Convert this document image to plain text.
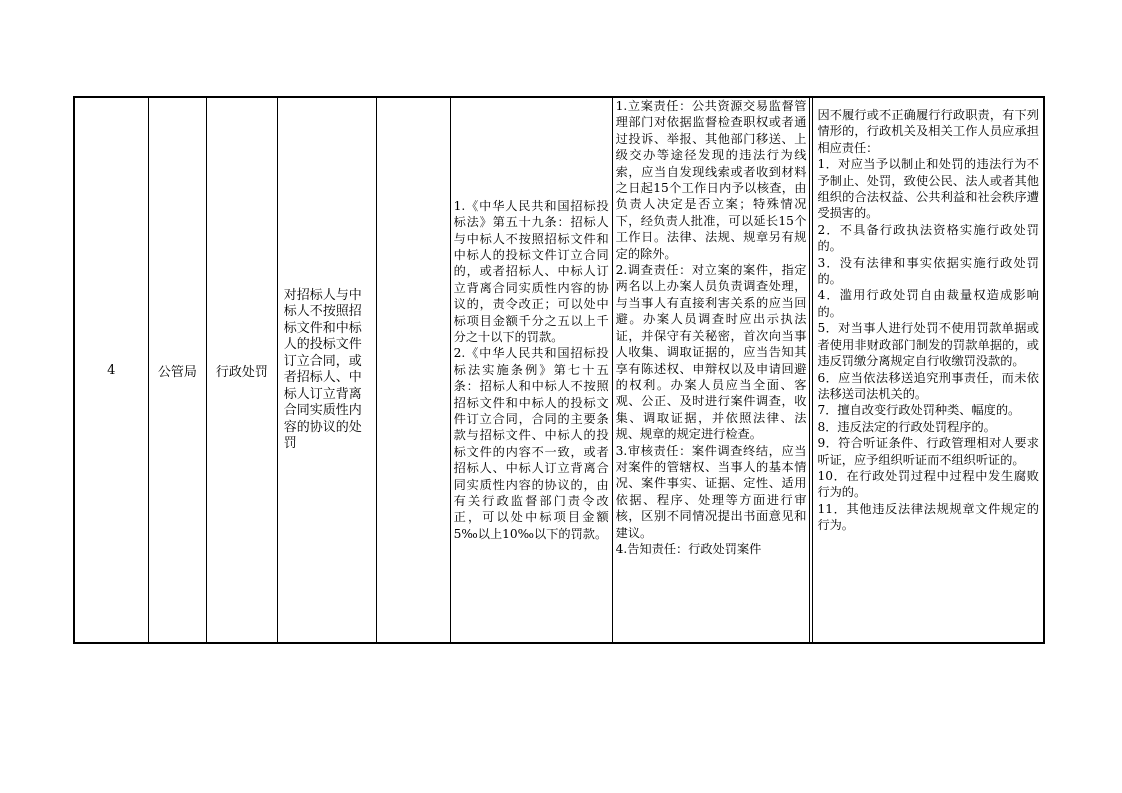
4	公管局 行政处罚
对招标人与中标人不按照招标文件和中标人的投标文件订立合同，或者招标人、中标人订立背离合同实质性内容的协议的处罚
1.《中华人民共和国招标投标法》第五十九条：招标人与中标人不按照招标文件和中标人的投标文件订立合同的，或者招标人、中标人订立背离合同实质性内容的协议的，责令改正；可以处中标项目金额千分之五以上千分之十以下的罚款。
2.《中华人民共和国招标投标法实施条例》第七十五条：招标人和中标人不按照招标文件和中标人的投标文件订立合同，合同的主要条款与招标文件、中标人的投标文件的内容不一致，或者招标人、中标人订立背离合同实质性内容的协议的，由有关行政监督部门责令改正，可以处中标项目金额5‰以上10‰以下的罚款。
1.立案责任：公共资源交易监督管理部门对依据监督检查职权或者通过投诉、举报、其他部门移送、上级交办等途径发现的违法行为线索，应当自发现线索或者收到材料之日起15个工作日内予以核查，由负责人决定是否立案；特殊情况下，经负责人批准，可以延长15个工作日。法律、法规、规章另有规定的除外。
2.调查责任：对立案的案件，指定两名以上办案人员负责调查处理，与当事人有直接利害关系的应当回避。办案人员调查时应出示执法证，并保守有关秘密，首次向当事人收集、调取证据的，应当告知其享有陈述权、申辩权以及申请回避的权利。办案人员应当全面、客观、公正、及时进行案件调查，收集、调取证据，并依照法律、法规、规章的规定进行检查。
3.审核责任：案件调查终结，应当对案件的管辖权、当事人的基本情况、案件事实、证据、定性、适用依据、程序、处理等方面进行审核，区别不同情况提出书面意见和建议。
4.告知责任：行政处罚案件
因不履行或不正确履行行政职责，有下列情形的，行政机关及相关工作人员应承担相应责任：
1．对应当予以制止和处罚的违法行为不予制止、处罚，致使公民、法人或者其他组织的合法权益、公共利益和社会秩序遭受损害的。
2．不具备行政执法资格实施行政处罚的。
3．没有法律和事实依据实施行政处罚的。
4．滥用行政处罚自由裁量权造成影响的。
5．对当事人进行处罚不使用罚款单据或者使用非财政部门制发的罚款单据的，或违反罚缴分离规定自行收缴罚没款的。
6．应当依法移送追究刑事责任，而未依法移送司法机关的。
7．擅自改变行政处罚种类、幅度的。
8．违反法定的行政处罚程序的。
9．符合听证条件、行政管理相对人要求听证，应予组织听证而不组织听证的。
10．在行政处罚过程中过程中发生腐败行为的。
11．其他违反法律法规规章文件规定的行为。
